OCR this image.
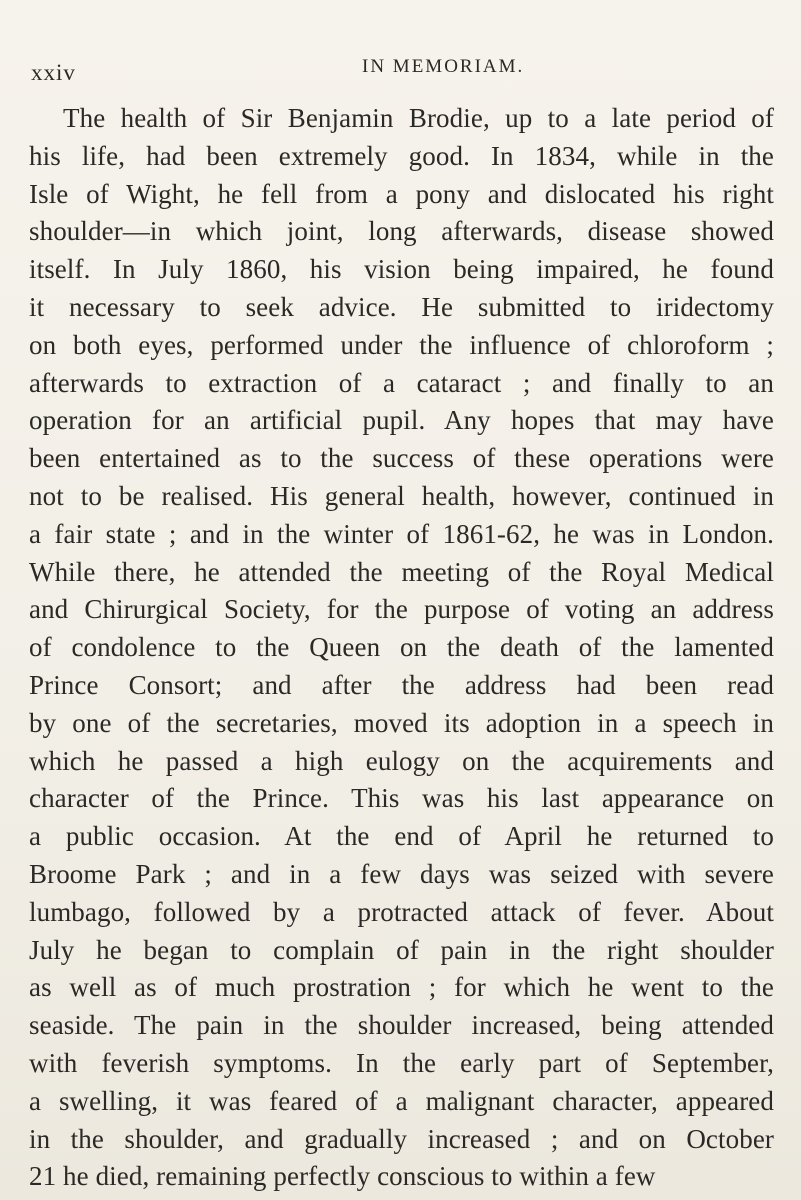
xxiv	IN MEMORIAM.
The health of Sir Benjamin Brodie, up to a late period of
his life, had been extremely good. In 1834, while in the
Isle of Wight, he fell from a pony and dislocated his right
shoulder—in which joint, long afterwards, disease showed
itself. In July 1860, his vision being impaired, he found
it necessary to seek advice. He submitted to iridectomy
on both eyes, performed under the influence of chloroform ;
afterwards to extraction of a cataract ; and finally to an
operation for an artificial pupil. Any hopes that may have
been entertained as to the success of these operations were
not to be realised. His general health, however, continued in
a fair state ; and in the winter of 1861-62, he was in London.
While there, he attended the meeting of the Royal Medical
and Chirurgical Society, for the purpose of voting an address
of condolence to the Queen on the death of the lamented
Prince Consort; and after the address had been read
by one of the secretaries, moved its adoption in a speech in
which he passed a high eulogy on the acquirements and
character of the Prince. This was his last appearance on
a public occasion. At the end of April he returned to
Broome Park ; and in a few days was seized with severe
lumbago, followed by a protracted attack of fever. About
July he began to complain of pain in the right shoulder
as well as of much prostration ; for which he went to the
seaside. The pain in the shoulder increased, being attended
with feverish symptoms. In the early part of September,
a swelling, it was feared of a malignant character, appeared
in the shoulder, and gradually increased ; and on October
21 he died, remaining perfectly conscious to within a few
